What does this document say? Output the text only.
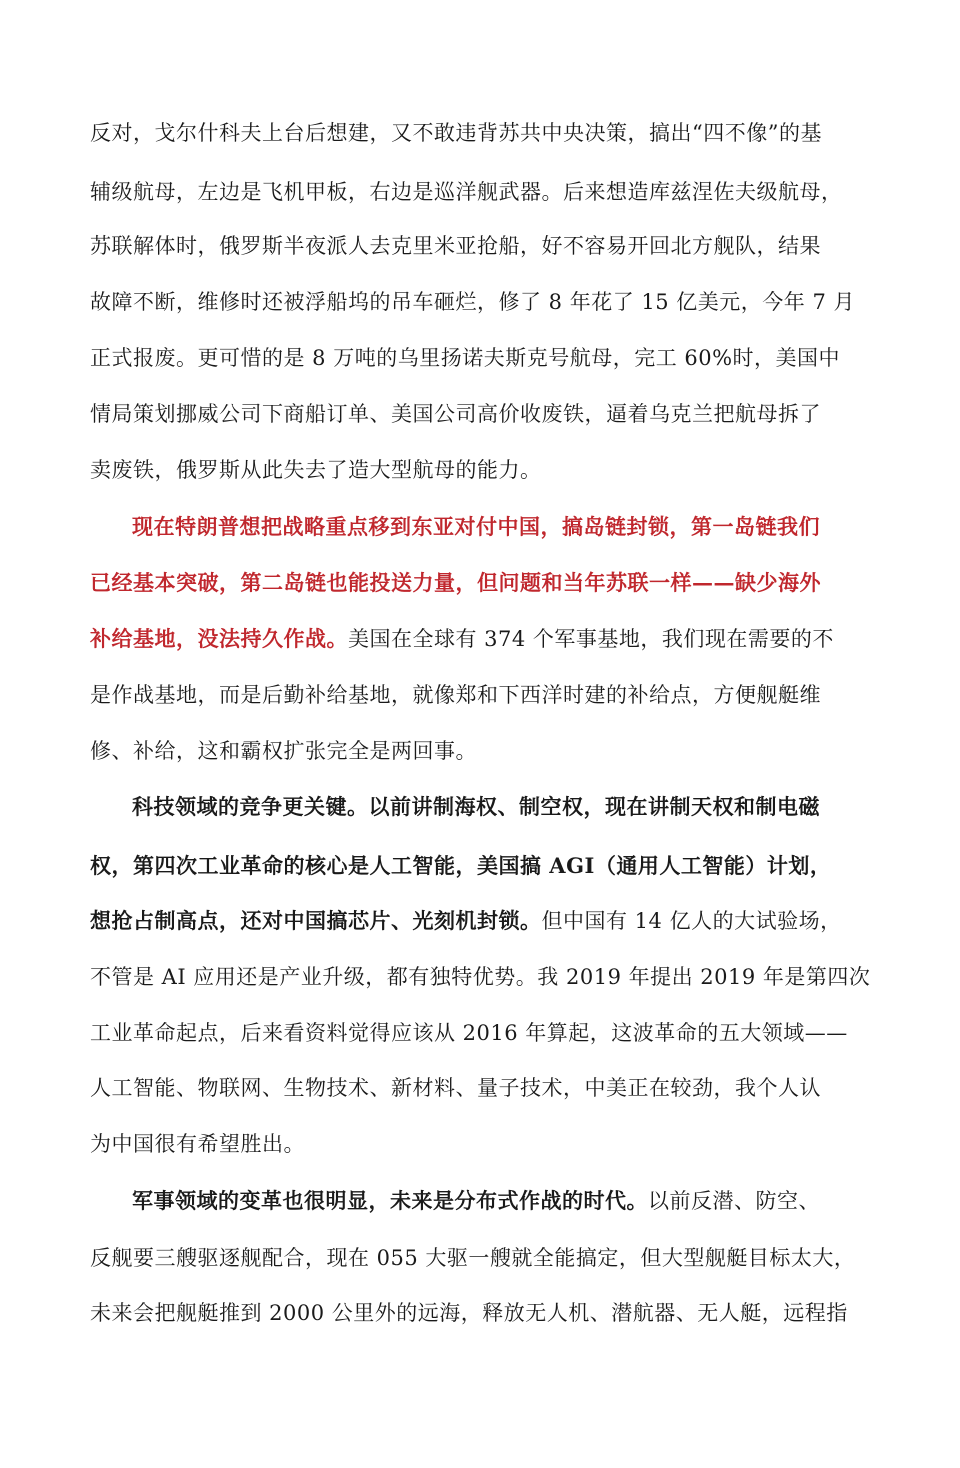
反对，戈尔什科夫上台后想建，又不敢违背苏共中央决策，搞出“四不像”的基
辅级航母，左边是飞机甲板，右边是巡洋舰武器。后来想造库兹涅佐夫级航母，
苏联解体时，俄罗斯半夜派人去克里米亚抢船，好不容易开回北方舰队，结果
故障不断，维修时还被浮船坞的吊车砸烂，修了 8 年花了 15 亿美元，今年 7 月
正式报废。更可惜的是 8 万吨的乌里扬诺夫斯克号航母，完工 60%时，美国中
情局策划挪威公司下商船订单、美国公司高价收废铁，逼着乌克兰把航母拆了
卖废铁，俄罗斯从此失去了造大型航母的能力。
现在特朗普想把战略重点移到东亚对付中国，搞岛链封锁，第一岛链我们
已经基本突破，第二岛链也能投送力量，但问题和当年苏联一样——缺少海外
补给基地，没法持久作战。美国在全球有 374 个军事基地，我们现在需要的不
是作战基地，而是后勤补给基地，就像郑和下西洋时建的补给点，方便舰艇维
修、补给，这和霸权扩张完全是两回事。
科技领域的竞争更关键。以前讲制海权、制空权，现在讲制天权和制电磁
权，第四次工业革命的核心是人工智能，美国搞 AGI（通用人工智能）计划，
想抢占制高点，还对中国搞芯片、光刻机封锁。但中国有 14 亿人的大试验场，
不管是 AI 应用还是产业升级，都有独特优势。我 2019 年提出 2019 年是第四次
工业革命起点，后来看资料觉得应该从 2016 年算起，这波革命的五大领域——
人工智能、物联网、生物技术、新材料、量子技术，中美正在较劲，我个人认
为中国很有希望胜出。
军事领域的变革也很明显，未来是分布式作战的时代。以前反潜、防空、
反舰要三艘驱逐舰配合，现在 055 大驱一艘就全能搞定，但大型舰艇目标太大，
未来会把舰艇推到 2000 公里外的远海，释放无人机、潜航器、无人艇，远程指
